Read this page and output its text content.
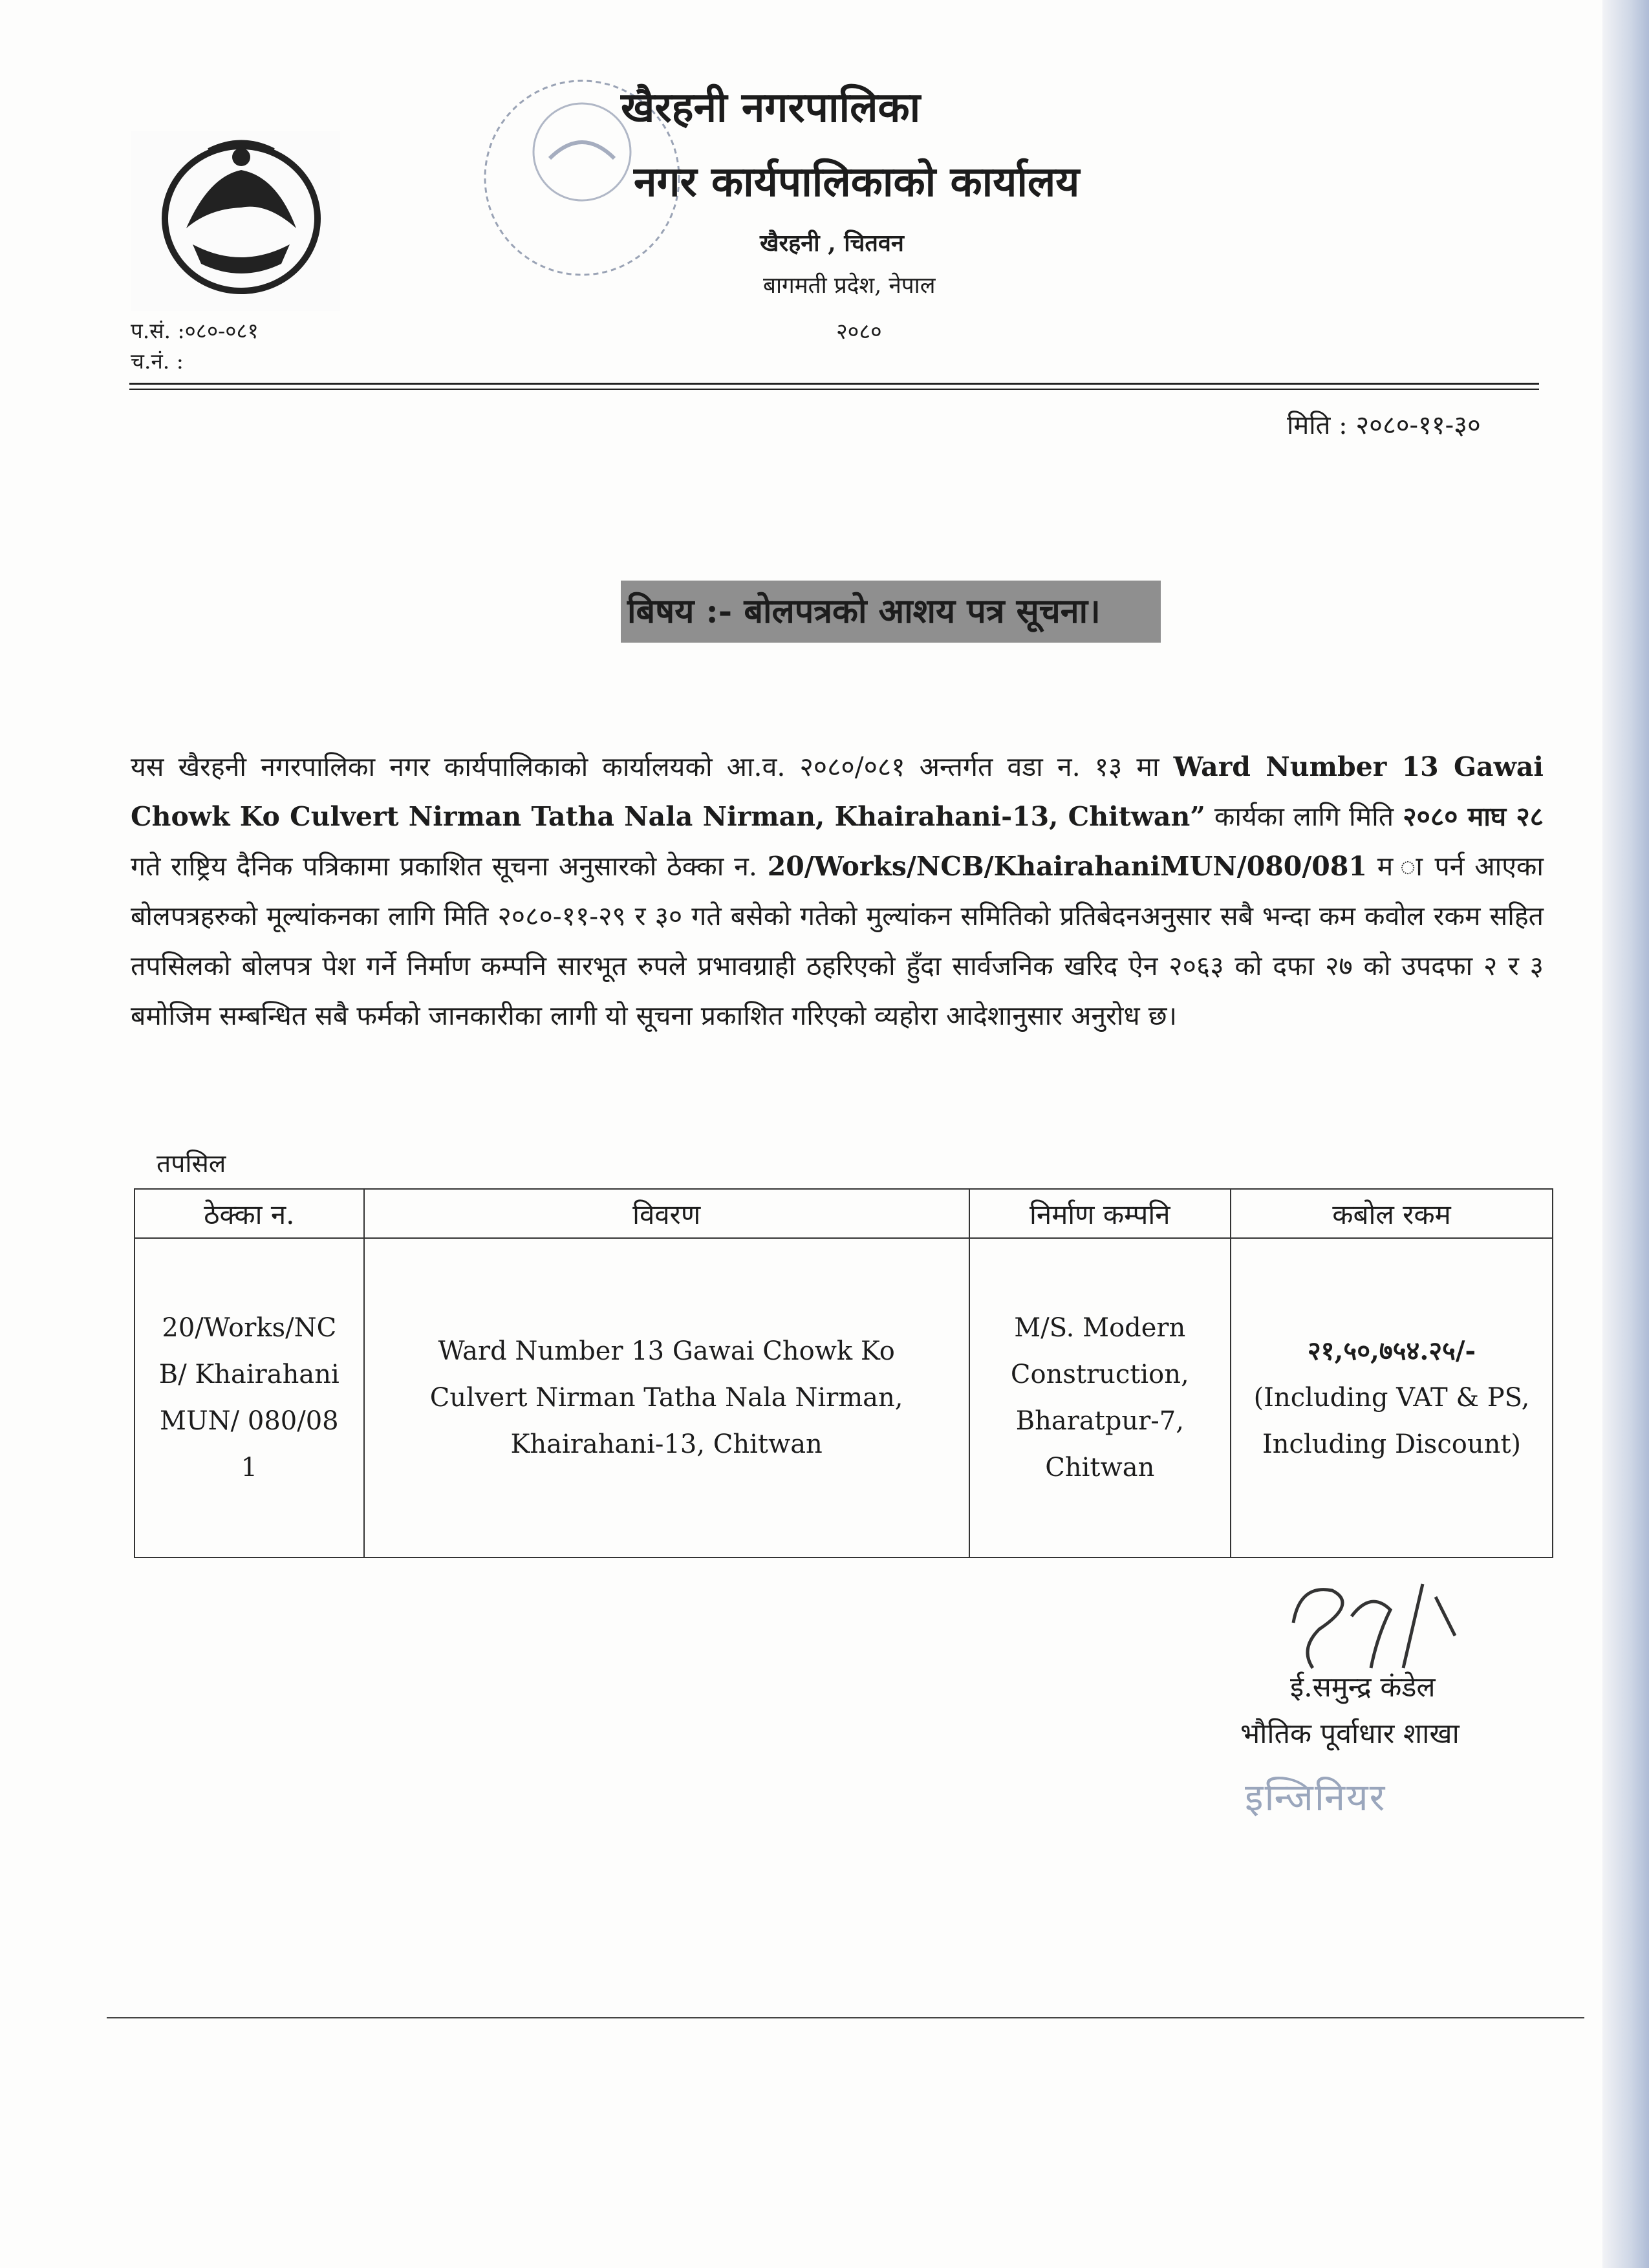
खैरहनी नगरपालिका
नगर कार्यपालिकाको कार्यालय
खैरहनी , चितवन
बागमती प्रदेश, नेपाल
२०८०
प.सं. :०८०-०८१
च.नं. :
मिति : २०८०-११-३०
बिषय :- बोलपत्रको आशय पत्र सूचना।
यस खैरहनी नगरपालिका नगर कार्यपालिकाको कार्यालयको आ.व. २०८०/०८१ अन्तर्गत वडा न. १३ मा Ward Number 13 Gawai Chowk Ko Culvert Nirman Tatha Nala Nirman, Khairahani-13, Chitwan” कार्यका लागि मिति २०८० माघ २८ गते राष्ट्रिय दैनिक पत्रिकामा प्रकाशित सूचना अनुसारको ठेक्का न. 20/Works/NCB/KhairahaniMUN/080/081 म ा पर्न आएका बोलपत्रहरुको मूल्यांकनका लागि मिति २०८०-११-२९ र ३० गते बसेको गतेको मुल्यांकन समितिको प्रतिबेदनअनुसार सबै भन्दा कम कवोल रकम सहित तपसिलको बोलपत्र पेश गर्ने निर्माण कम्पनि सारभूत रुपले प्रभावग्राही ठहरिएको हुँदा सार्वजनिक खरिद ऐन २०६३ को दफा २७ को उपदफा २ र ३ बमोजिम सम्बन्धित सबै फर्मको जानकारीका लागी यो सूचना प्रकाशित गरिएको व्यहोरा आदेशानुसार अनुरोध छ।
तपसिल
ठेक्का न.	विवरण	निर्माण कम्पनि	कबोल रकम

20/Works/NCB/ KhairahaniMUN/ 080/081	Ward Number 13 Gawai Chowk Ko Culvert Nirman Tatha Nala Nirman, Khairahani-13, Chitwan	M/S. Modern Construction, Bharatpur-7, Chitwan	२१,५०,७५४.२५/-
(Including VAT & PS, Including Discount)
ई.समुन्द्र कंडेल
भौतिक पूर्वाधार शाखा
इन्जिनियर
